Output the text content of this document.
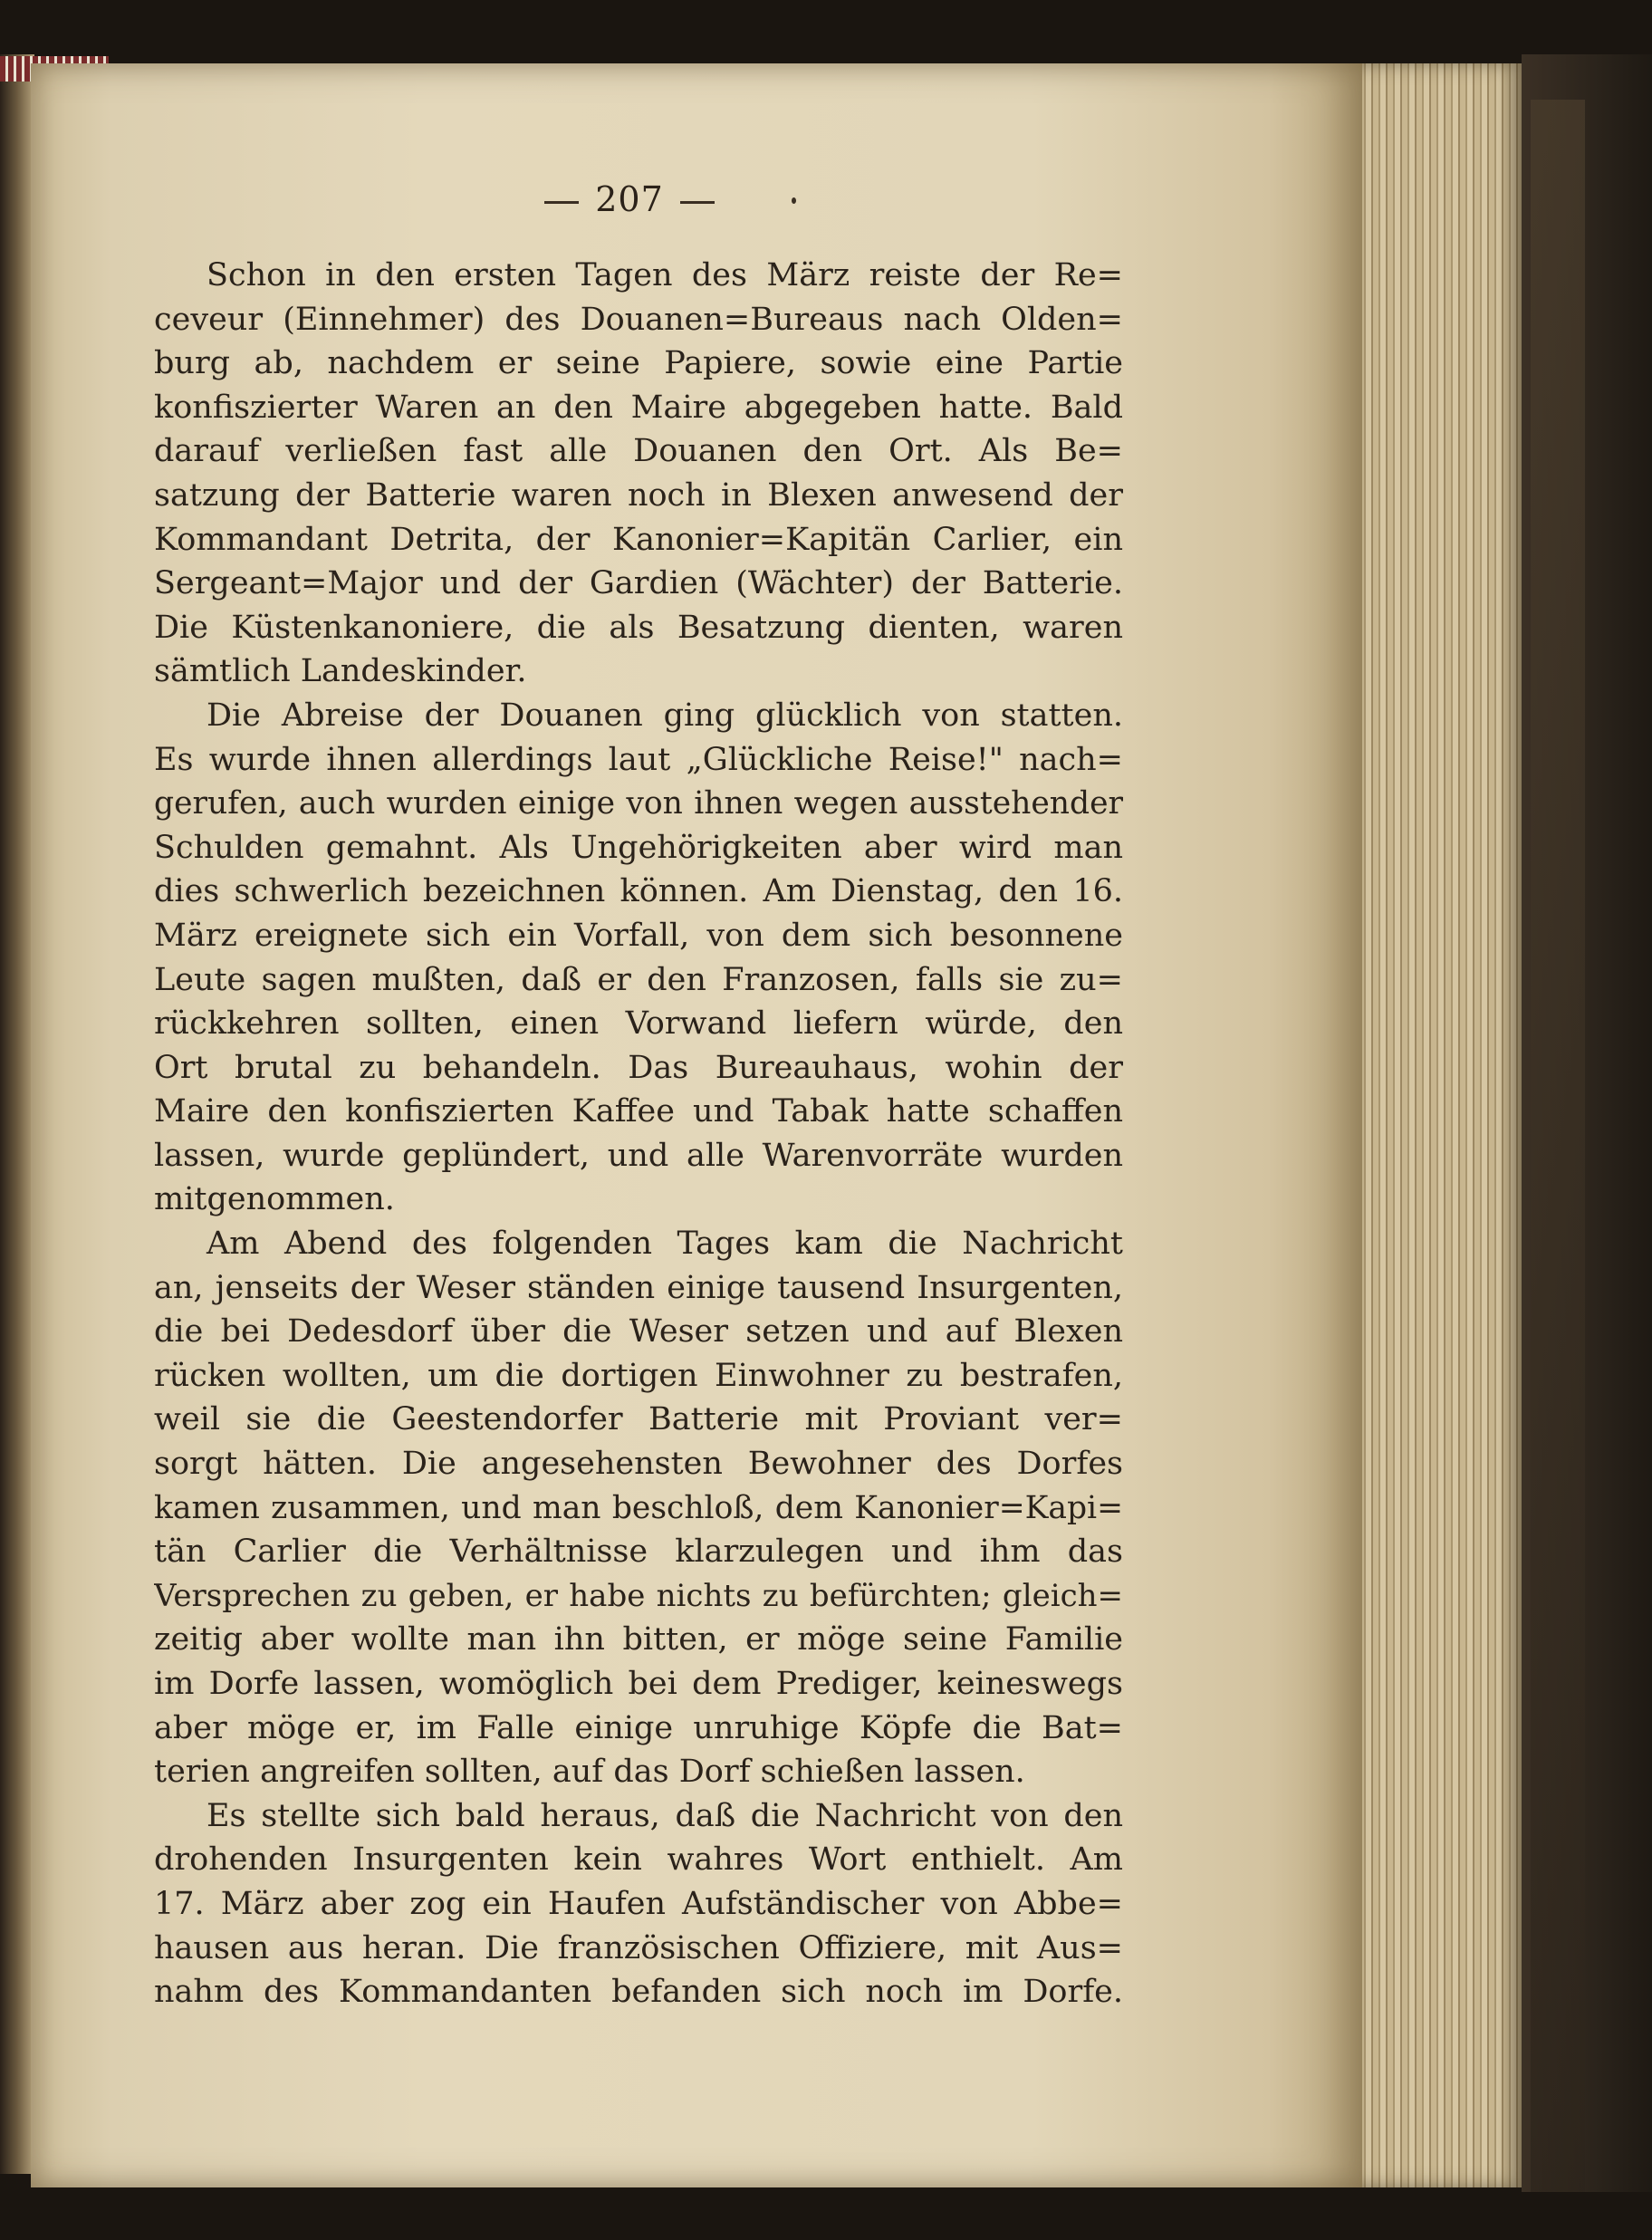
207
Schon in den ersten Tagen des März reiste der Re=
ceveur (Einnehmer) des Douanen=Bureaus nach Olden=
burg ab, nachdem er seine Papiere, sowie eine Partie
konfiszierter Waren an den Maire abgegeben hatte. Bald
darauf verließen fast alle Douanen den Ort. Als Be=
satzung der Batterie waren noch in Blexen anwesend der
Kommandant Detrita, der Kanonier=Kapitän Carlier, ein
Sergeant=Major und der Gardien (Wächter) der Batterie.
Die Küstenkanoniere, die als Besatzung dienten, waren
sämtlich Landeskinder.
Die Abreise der Douanen ging glücklich von statten.
Es wurde ihnen allerdings laut „Glückliche Reise!" nach=
gerufen, auch wurden einige von ihnen wegen ausstehender
Schulden gemahnt. Als Ungehörigkeiten aber wird man
dies schwerlich bezeichnen können. Am Dienstag, den 16.
März ereignete sich ein Vorfall, von dem sich besonnene
Leute sagen mußten, daß er den Franzosen, falls sie zu=
rückkehren sollten, einen Vorwand liefern würde, den
Ort brutal zu behandeln. Das Bureauhaus, wohin der
Maire den konfiszierten Kaffee und Tabak hatte schaffen
lassen, wurde geplündert, und alle Warenvorräte wurden
mitgenommen.
Am Abend des folgenden Tages kam die Nachricht
an, jenseits der Weser ständen einige tausend Insurgenten,
die bei Dedesdorf über die Weser setzen und auf Blexen
rücken wollten, um die dortigen Einwohner zu bestrafen,
weil sie die Geestendorfer Batterie mit Proviant ver=
sorgt hätten. Die angesehensten Bewohner des Dorfes
kamen zusammen, und man beschloß, dem Kanonier=Kapi=
tän Carlier die Verhältnisse klarzulegen und ihm das
Versprechen zu geben, er habe nichts zu befürchten; gleich=
zeitig aber wollte man ihn bitten, er möge seine Familie
im Dorfe lassen, womöglich bei dem Prediger, keineswegs
aber möge er, im Falle einige unruhige Köpfe die Bat=
terien angreifen sollten, auf das Dorf schießen lassen.
Es stellte sich bald heraus, daß die Nachricht von den
drohenden Insurgenten kein wahres Wort enthielt. Am
17. März aber zog ein Haufen Aufständischer von Abbe=
hausen aus heran. Die französischen Offiziere, mit Aus=
nahm des Kommandanten befanden sich noch im Dorfe.
